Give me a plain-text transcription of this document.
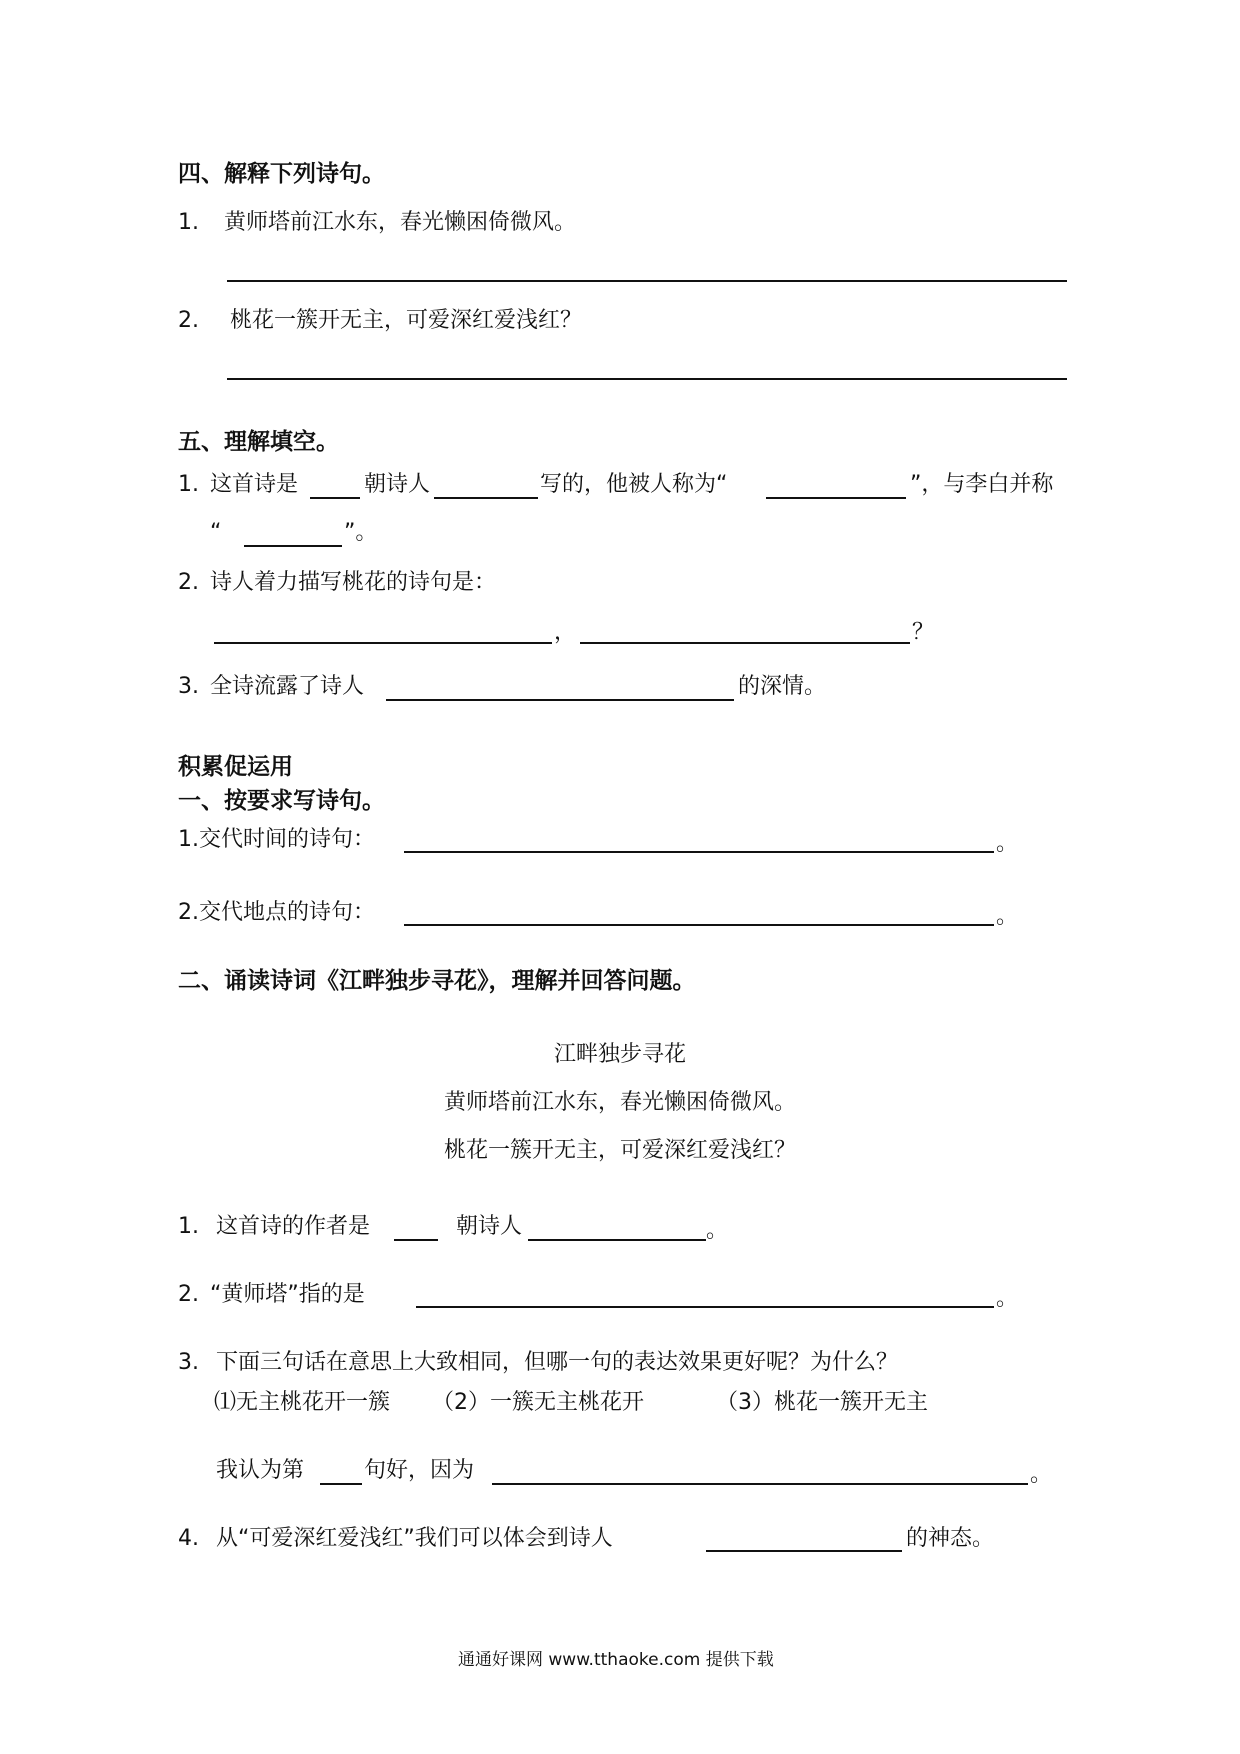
四、解释下列诗句。
1. 黄师塔前江水东，春光懒困倚微风。
2. 桃花一簇开无主，可爱深红爱浅红？
五、理解填空。
1. 这首诗是	朝诗人	写的，他被人称为“	”，与李白并称
“	”。
2. 诗人着力描写桃花的诗句是：
，	？
3. 全诗流露了诗人	的深情。
积累促运用
一、按要求写诗句。
1.交代时间的诗句：	。
2.交代地点的诗句：	。
二、诵读诗词《江畔独步寻花》，理解并回答问题。
江畔独步寻花
黄师塔前江水东，春光懒困倚微风。
桃花一簇开无主，可爱深红爱浅红？
1. 这首诗的作者是	朝诗人	。
2. “黄师塔”指的是	。
3. 下面三句话在意思上大致相同，但哪一句的表达效果更好呢？为什么？
⑴无主桃花开一簇 （2）一簇无主桃花开	（3）桃花一簇开无主
我认为第	句好，因为	。
4. 从“可爱深红爱浅红”我们可以体会到诗人	的神态。
通通好课网 www.tthaoke.com 提供下载
